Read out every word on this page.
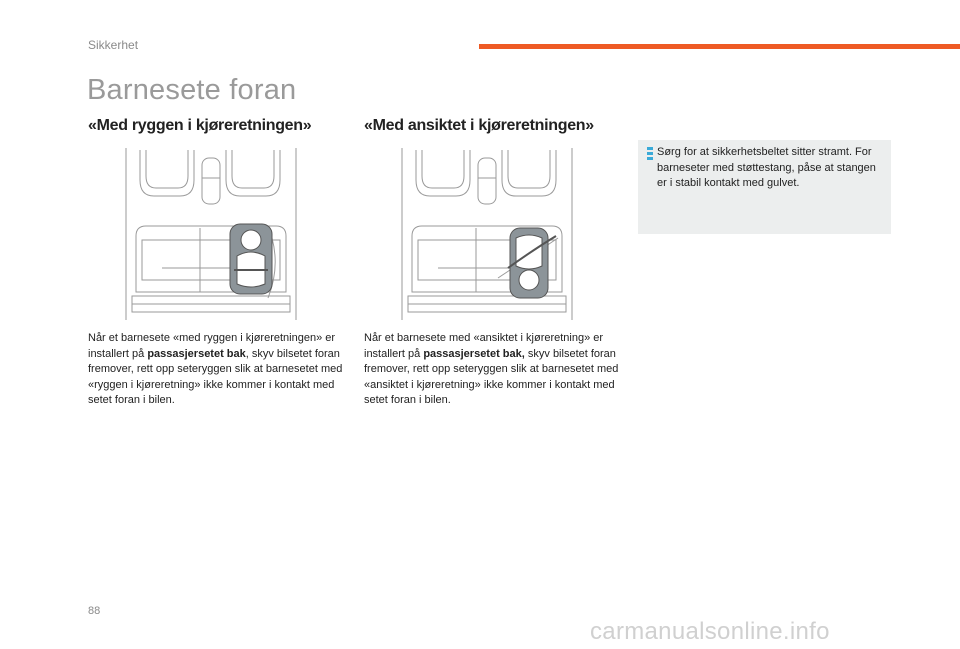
Sikkerhet
Barnesete foran
«Med ryggen i kjøreretningen»	«Med ansiktet i kjøreretningen»
Når et barnesete «med ryggen i kjøreretningen» er installert på passasjersetet bak, skyv bilsetet foran fremover, rett opp seteryggen slik at barnesetet med «ryggen i kjøreretning» ikke kommer i kontakt med setet foran i bilen.
Når et barnesete med «ansiktet i kjøreretning» er installert på passasjersetet bak, skyv bilsetet foran fremover, rett opp seteryggen slik at barnesetet med «ansiktet i kjøreretning» ikke kommer i kontakt med setet foran i bilen.
Sørg for at sikkerhetsbeltet sitter stramt. For barneseter med støttestang, påse at stangen er i stabil kontakt med gulvet.
88
carmanualsonline.info
